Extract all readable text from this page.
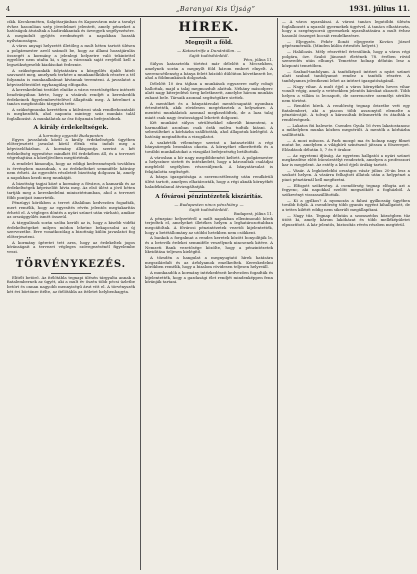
4	„Baranyai Kis Újság”	1931. július 11.

cikk. Kecskeméten, Salgótarjánban és Kaposváron már a tavalyi évhez hasonlóan szép jövedelmet jelentett, amely pénzeket a hatóságok átutaltak a hadirokkantak és özvegyek segélyezésére. A megindult gyűjtés eredményét a napokban hozzák nyilvánosságra.

A város anyagi helyzetét illetőleg a mult héten tartott ülésen a polgármester arról számolt be, hogy az állami hozzájárulás összegét a kormány a jelenlegi helyzetre való tekintettel egyelőre nem utalta ki, s így a városnak saját erejéből kell a legszükségesebb kiadásokat fedeznie.

A szükségmunkák folytatására a közgyűlés újabb hitelt szavazott meg, amelynek terhére a munkanélküliek részére a tél folyamán is munkaalkalmat kívánnak teremteni. A javaslatot a képviselőtestület egyhangúlag elfogadta.

A kereskedelmi testület elnöke a város vezetőségéhez intézett beadványában kérte, hogy a vásárok rendjét a kereskedők érdekeinek figyelembevételével állapítsák meg. A kérelmet a tanács megfontolás tárgyává tette.

A szükségmunka keretében a külvárosi utak rendbehozatalát is megkezdték, ahol naponta mintegy száz munkás talál foglalkozást. A munkálatok az ősz folyamán befejeződnek.

A király érdekeltségek.
A kormány egyesíti Budapesten

Egyes javaslatok közül a király érdekeltségek ügyében előterjesztett javaslat körül élénk vita indult meg a képviselőházban. A kormány álláspontja szerint a két érdekeltség egyesítése mindkét fél érdekében áll, és a tervezet végrehajtása a közeljövőben megtörténik.

A rendelet kimondja, hogy az eddigi kedvezmények továbbra is érvényben maradnak, s az érdekelteket semmiféle hátrány nem érheti. Az egyesítés részleteit bizottság dolgozza ki, amely a napokban kezdi meg munkáját.

A bizottság tagjai közé a kormány a főváros, a kamarák és az érdekeltségek képviselőit hívta meg. Az első ülést a jövő héten tartják meg a kereskedelmi minisztériumban, ahol a tervezet főbb pontjait ismertetik.

Pénzügyi körökben a tervet általában kedvezően fogadták, mert remélik, hogy az egyesítés révén jelentős megtakarítás érhető el. A végleges döntés a nyári szünet után várható, amikor az országgyűlés ismét összeül.

A tárgyalások során szóba került az is, hogy a kisebb vidéki érdekeltségeket milyen módon lehetne bekapcsolni az új szervezetbe. Erre vonatkozólag a bizottság külön javaslatot fog előterjeszteni.

A kormány ígéretet tett arra, hogy az érdekeltek jogos kívánságait a tervezet végleges szövegezésénél figyelembe veszi.

TÖRVÉNYKEZÉS.

Elitélt betörő. Az ítélőtábla tegnapi ülésén tárgyalta annak a fiatalembernek az ügyét, aki a mult év őszén több pécsi üzletbe betört és onnan nagyobb mennyiségű árut vitt el. A törvényszék két évi börtönre ítélte, az ítélőtábla az ítéletet helybenhagyta.

HÍREK.
Megnyílt a föld.
— Katasztrófa a Dunántúlon. —
Saját tudósítónktól.
Pécs, július 11.

Súlyos katasztrófa történt már délelőtt a Mecsekben, amelynek során a megnyílt föld három embert elnyelt. A szerencsétlenség a bánya felett húzódó dűlőúton következett be, ahol a földmunkások dolgoztak.

Délelőtt 10 óra tájban a munkások egyszerre mély robajt hallottak, majd a talaj megmozdult alattuk. Néhány másodperc alatt nagy kiterjedésű üreg keletkezett, amelybe három munkás zuhant bele. Társaik azonnal segítségükre siettek.

A mentőket és a bányatársulat mentőcsapatát nyomban értesítették, akik rövidesen megérkeztek a helyszínre. A mentési munkálatok azonnal megkezdődtek, de a laza talaj miatt csak nagy óvatossággal lehetett dolgozni.

Két munkást súlyos sérülésekkel sikerült kimenteni, a harmadikat azonban csak órák múlva tudták kiásni. A sebesülteket a kórházba szállították, ahol állapotuk kielégítő. A hatóság megindította a vizsgálatot.

A szakértők véleménye szerint a katasztrófát a régi bányaüregek beomlása okozta. A környéket elkerítették és a további munkálatokat a vizsgálat befejezéséig betiltották.

A városban a hír nagy megdöbbenést keltett. A polgármester a helyszínre sietett és intézkedett, hogy a károsultak családjai megfelelő segélyben részesüljenek. A bányatársulat is felajánlotta segítségét.

A bánya igazgatósága a szerencsétlenség után rendkívüli ülést tartott, amelyen elhatározták, hogy a régi aknák környékét haladéktalanul átvizsgáltatják.

A fővárosi pénzintézetek kiszárítás.
— Budapesten nincs pénzhiány. —
Saját tudósítónktól.
Budapest, július 11.

A pénzpiac helyzetéről a múlt napokban ellentmondó hírek terjedtek el, amelyeket illetékes helyen a leghatározottabban megcáfoltak. A fővárosi pénzintézetek vezetői kijelentették, hogy a betétállomány az utóbbi hetekben nem csökkent.

A bankok a forgalmat a rendes keretek között bonyolítják le, és a betevők érdekei semmiféle veszélynek nincsenek kitéve. A Nemzeti Bank vezetősége közölte, hogy a pénzintézetek likviditása teljesen kielégítő.

A tőzsdén a hangulat a megnyugtató hírek hatására megszilárdult és az árfolyamok emelkedtek. Kereskedelmi körökben remélik, hogy a bizalom rövidesen teljesen helyreáll.

A munkaadók a kormány intézkedéseit kedvezően fogadták és kijelentették, hogy a gazdasági élet rendjét mindenképpen fenn kívánják tartani.

— A város nyaralásai. A városi tanács legutóbbi ülésén foglalkozott a nyaraló gyermekek ügyével. A tanács elhatározta, hogy a szegénysorsú gyermekek nyaraltatására a mult évhez hasonló összeget bocsát rendelkezésre.

— Eljegyzés. Fehér Ilonát eljegyezte Kovács József gépészmérnök. (Minden külön értesítés helyett.)

— Halálozás. Mély részvéttel értesülünk, hogy a város régi polgára, özv. Szabó Jánosné életének 78. évében rövid szenvedés után elhunyt. Temetése holnap délután lesz a központi temetőben.

— Szabad-tanfolyam. A tanítóképző intézet a nyári szünet alatt szabad tanfolyamot rendez a tanítók részére. A tanfolyamra jelentkezni lehet az intézet igazgatóságánál.

— Nagy vihar. A mult éjjel a város környékén heves vihar vonult végig, amely a vetésekben jelentős károkat okozott. Több helyen a villám is lecsapott, de szerencsére személyi sérülés nem történt.

— Rendőri hírek. A rendőrség tegnap őrizetbe vett egy fiatalembert, aki a piacon több asszonytól elemelte a pénztárcáját. A tolvajt a károsultak felismerték és átadták a rendőrségnek.

— Lakatos fiú balesete. Csendes Gyula 16 éves lakatostanonc a műhelyben munka közben megsérült. A mentők a kórházba szállították.

— A mozi műsora. A Park mozgó ma és holnap nagy filmet mutat be, amelyben a világhírű színésznő játssza a főszerepet. Előadások délután 5, 7 és 9 órakor.

— Az egyetemi ifjúság. Az egyetem hallgatói a nyári szünet megkezdése előtt búcsúestélyt rendeztek, amelyen a professzori kar is megjelent. Az estély a késő éjjeli órákig tartott.

— Vásár. A legközelebbi országos vásár július 20-án lesz a szokott helyen. A vásárra felhajtott állatok után a helypénzt a piaci pénztárnál kell megfizetni.

— Elfogott szökevény. A csendőrség tegnap elfogta azt a fegyenc, aki napokkal ezelőtt megszökött a fogházból. A szökevényt visszaszállították.

— Ki a gyilkos? A nyomozás a falusi gyilkosság ügyében tovább folyik. A csendőrség több gyanús egyént kihallgatott, de a tettes kilétét eddig nem sikerült megállapítani.

— Nagy tűz. Tegnap délután a szomszédos községben tűz ütött ki, amely három lakóházat és több melléképületet elpusztított. A kár jelentős, biztosítás révén részben megtérül.
